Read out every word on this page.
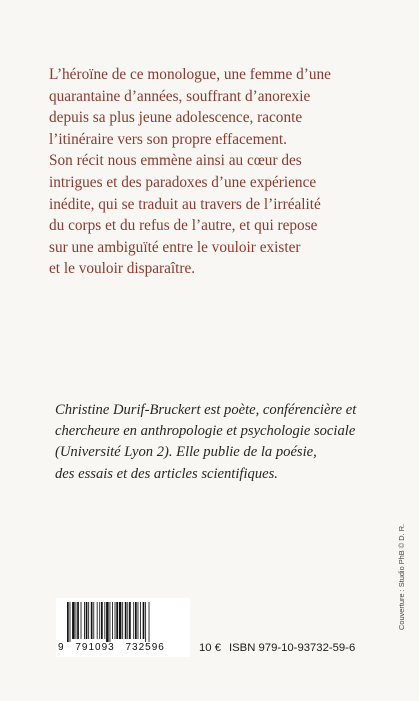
L’héroïne de ce monologue, une femme d’une
quarantaine d’années, souffrant d’anorexie
depuis sa plus jeune adolescence, raconte
l’itinéraire vers son propre effacement.
Son récit nous emmène ainsi au cœur des
intrigues et des paradoxes d’une expérience
inédite, qui se traduit au travers de l’irréalité
du corps et du refus de l’autre, et qui repose
sur une ambiguïté entre le vouloir exister
et le vouloir disparaître.

Christine Durif-Bruckert est poète, conférencière et
chercheure en anthropologie et psychologie sociale
(Université Lyon 2). Elle publie de la poésie,
des essais et des articles scientifiques.

Couverture : Studio PhB © D. R.
9 791093 732596	10 € ISBN 979-10-93732-59-6
